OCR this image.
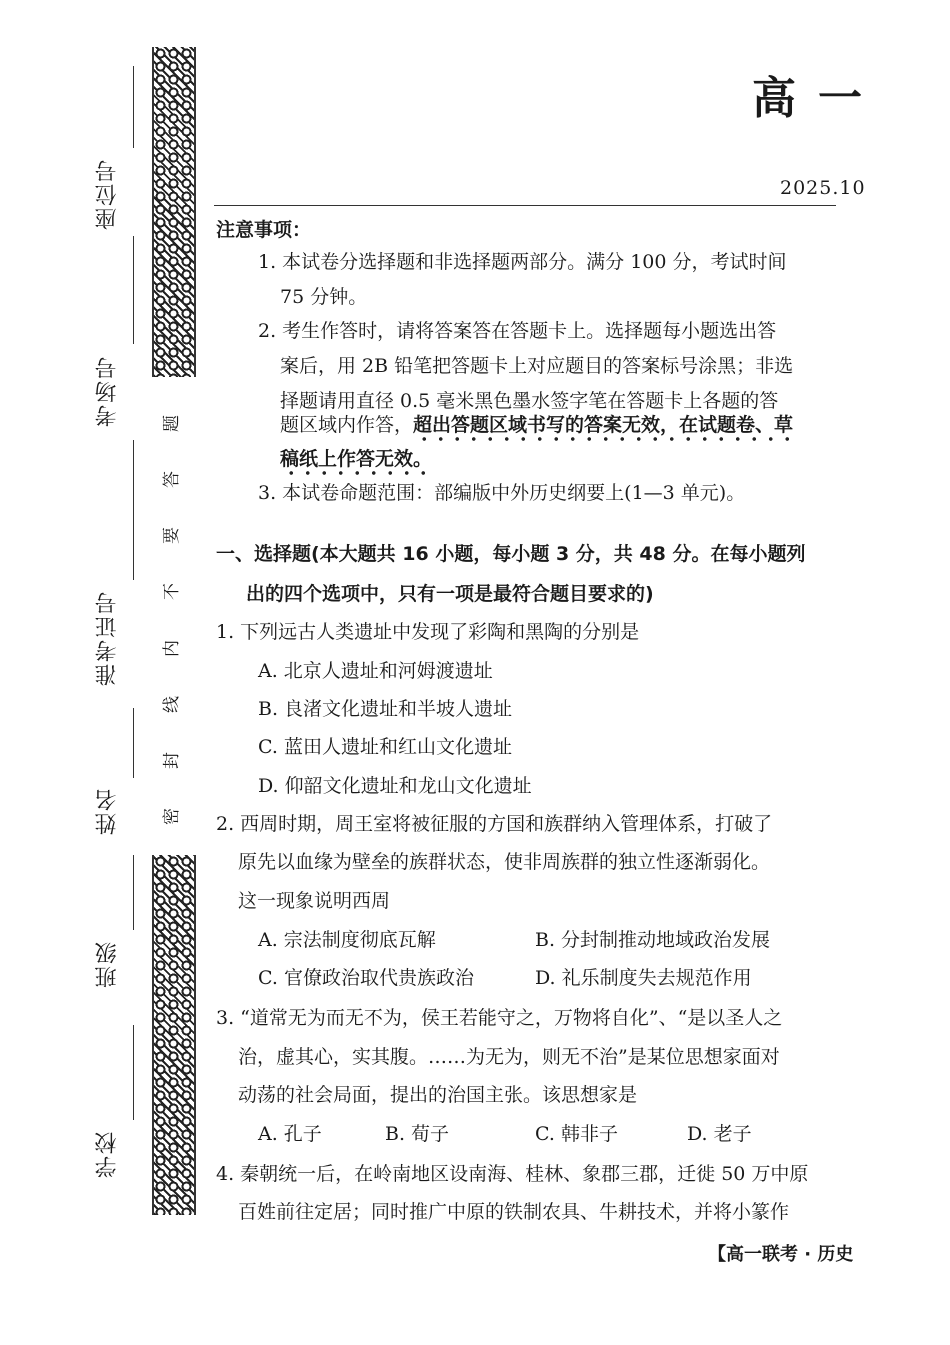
座位号
考场号
准考证号
姓名
班级
学校
题
答
要
不
内
线
封
密
高一
2025.10
注意事项：
1. 本试卷分选择题和非选择题两部分。满分 100 分，考试时间
75 分钟。
2. 考生作答时，请将答案答在答题卡上。选择题每小题选出答
案后，用 2B 铅笔把答题卡上对应题目的答案标号涂黑；非选
择题请用直径 0.5 毫米黑色墨水签字笔在答题卡上各题的答
题区域内作答，超出答题区域书写的答案无效，在试题卷、草
稿纸上作答无效。
3. 本试卷命题范围：部编版中外历史纲要上(1—3 单元)。
一、选择题(本大题共 16 小题，每小题 3 分，共 48 分。在每小题列
出的四个选项中，只有一项是最符合题目要求的)
1. 下列远古人类遗址中发现了彩陶和黑陶的分别是
A. 北京人遗址和河姆渡遗址
B. 良渚文化遗址和半坡人遗址
C. 蓝田人遗址和红山文化遗址
D. 仰韶文化遗址和龙山文化遗址
2. 西周时期，周王室将被征服的方国和族群纳入管理体系，打破了
原先以血缘为壁垒的族群状态，使非周族群的独立性逐渐弱化。
这一现象说明西周
A. 宗法制度彻底瓦解	B. 分封制推动地域政治发展
C. 官僚政治取代贵族政治	D. 礼乐制度失去规范作用
3. “道常无为而无不为，侯王若能守之，万物将自化”、“是以圣人之
治，虚其心，实其腹。……为无为，则无不治”是某位思想家面对
动荡的社会局面，提出的治国主张。该思想家是
A. 孔子	B. 荀子	C. 韩非子	D. 老子
4. 秦朝统一后，在岭南地区设南海、桂林、象郡三郡，迁徙 50 万中原
百姓前往定居；同时推广中原的铁制农具、牛耕技术，并将小篆作
【高一联考 · 历史
